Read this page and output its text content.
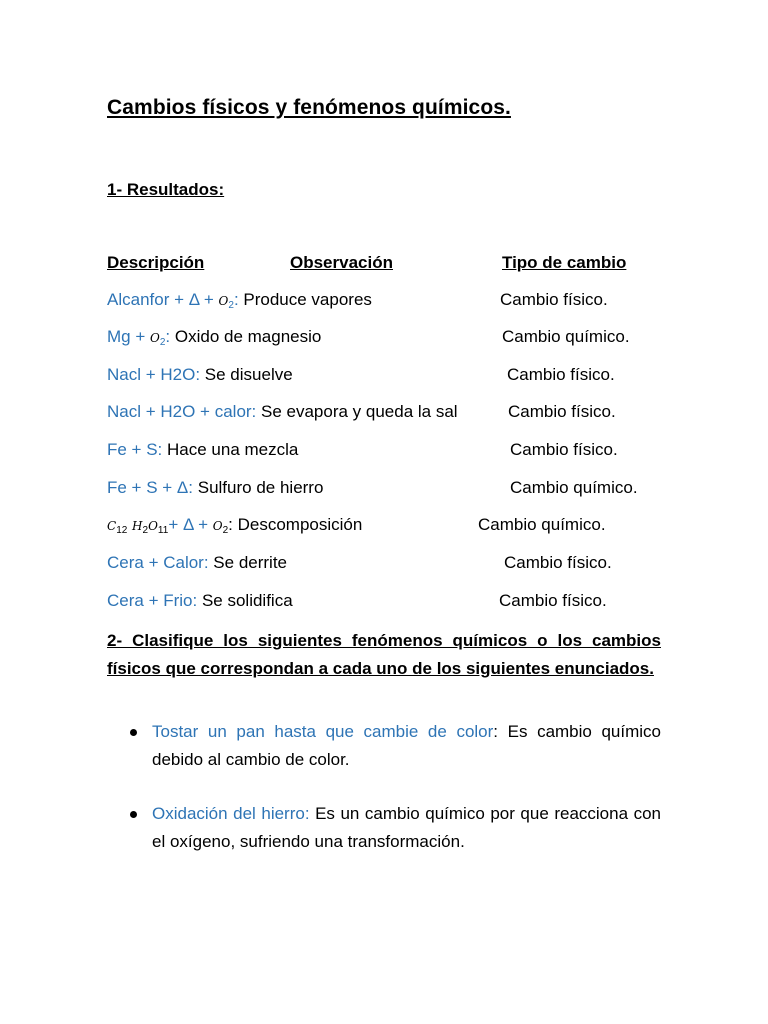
Cambios físicos y fenómenos químicos.
1- Resultados:
Descripción	Observación	Tipo de cambio
Alcanfor + $\Delta + O_2$: Produce vapores	Cambio físico.
$Mg + O_2$: Oxido de magnesio	Cambio químico.
Nacl + H2O: Se disuelve	Cambio físico.
Nacl + H2O + calor: Se evapora y queda la sal	Cambio físico.
Fe + S: Hace una mezcla	Cambio físico.
Fe + S + Δ: Sulfuro de hierro	Cambio químico.
$C_{12}$ $H_2O_{11}+ \Delta + O_2$: Descomposición	Cambio químico.
Cera + Calor: Se derrite	Cambio físico.
Cera + Frio: Se solidifica	Cambio físico.
2- Clasifique los siguientes fenómenos químicos o los cambios físicos que correspondan a cada uno de los siguientes enunciados.
Tostar un pan hasta que cambie de color: Es cambio químico debido al cambio de color.
Oxidación del hierro: Es un cambio químico por que reacciona con el oxígeno, sufriendo una transformación.
